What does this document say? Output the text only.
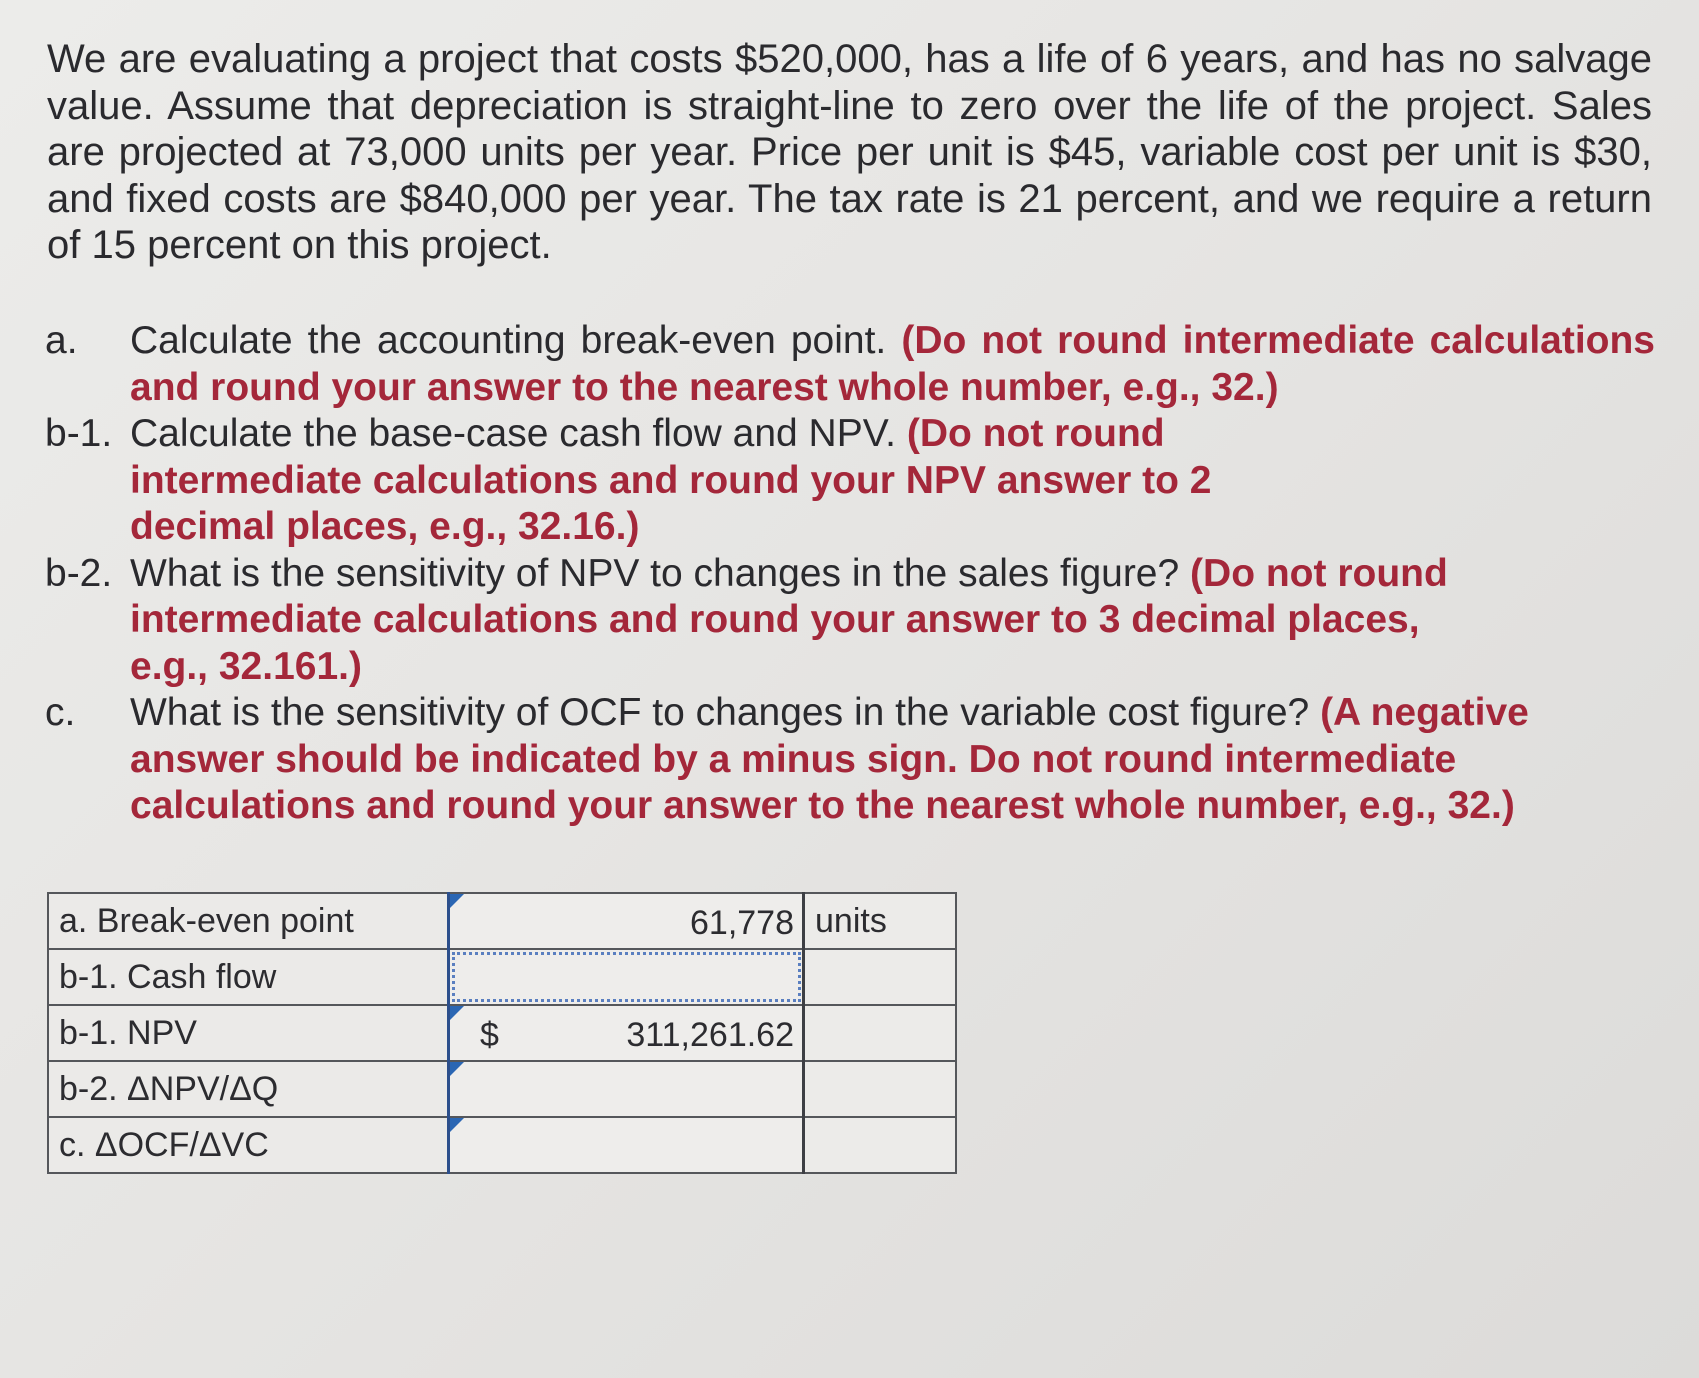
We are evaluating a project that costs $520,000, has a life of 6 years, and has no salvage value. Assume that depreciation is straight-line to zero over the life of the project. Sales are projected at 73,000 units per year. Price per unit is $45, variable cost per unit is $30, and fixed costs are $840,000 per year. The tax rate is 21 percent, and we require a return of 15 percent on this project.

a.	Calculate the accounting break-even point. (Do not round intermediate calculations and round your answer to the nearest whole number, e.g., 32.)
b-1. Calculate the base-case cash flow and NPV. (Do not round intermediate calculations and round your NPV answer to 2 decimal places, e.g., 32.16.)
b-2. What is the sensitivity of NPV to changes in the sales figure? (Do not round intermediate calculations and round your answer to 3 decimal places, e.g., 32.161.)
c.	What is the sensitivity of OCF to changes in the variable cost figure? (A negative answer should be indicated by a minus sign. Do not round intermediate calculations and round your answer to the nearest whole number, e.g., 32.)
a. Break-even point	61,778	units
b-1. Cash flow	

b-1. NPV	$ 311,261.62	

b-2. ΔNPV/ΔQ	

c. ΔOCF/ΔVC	
